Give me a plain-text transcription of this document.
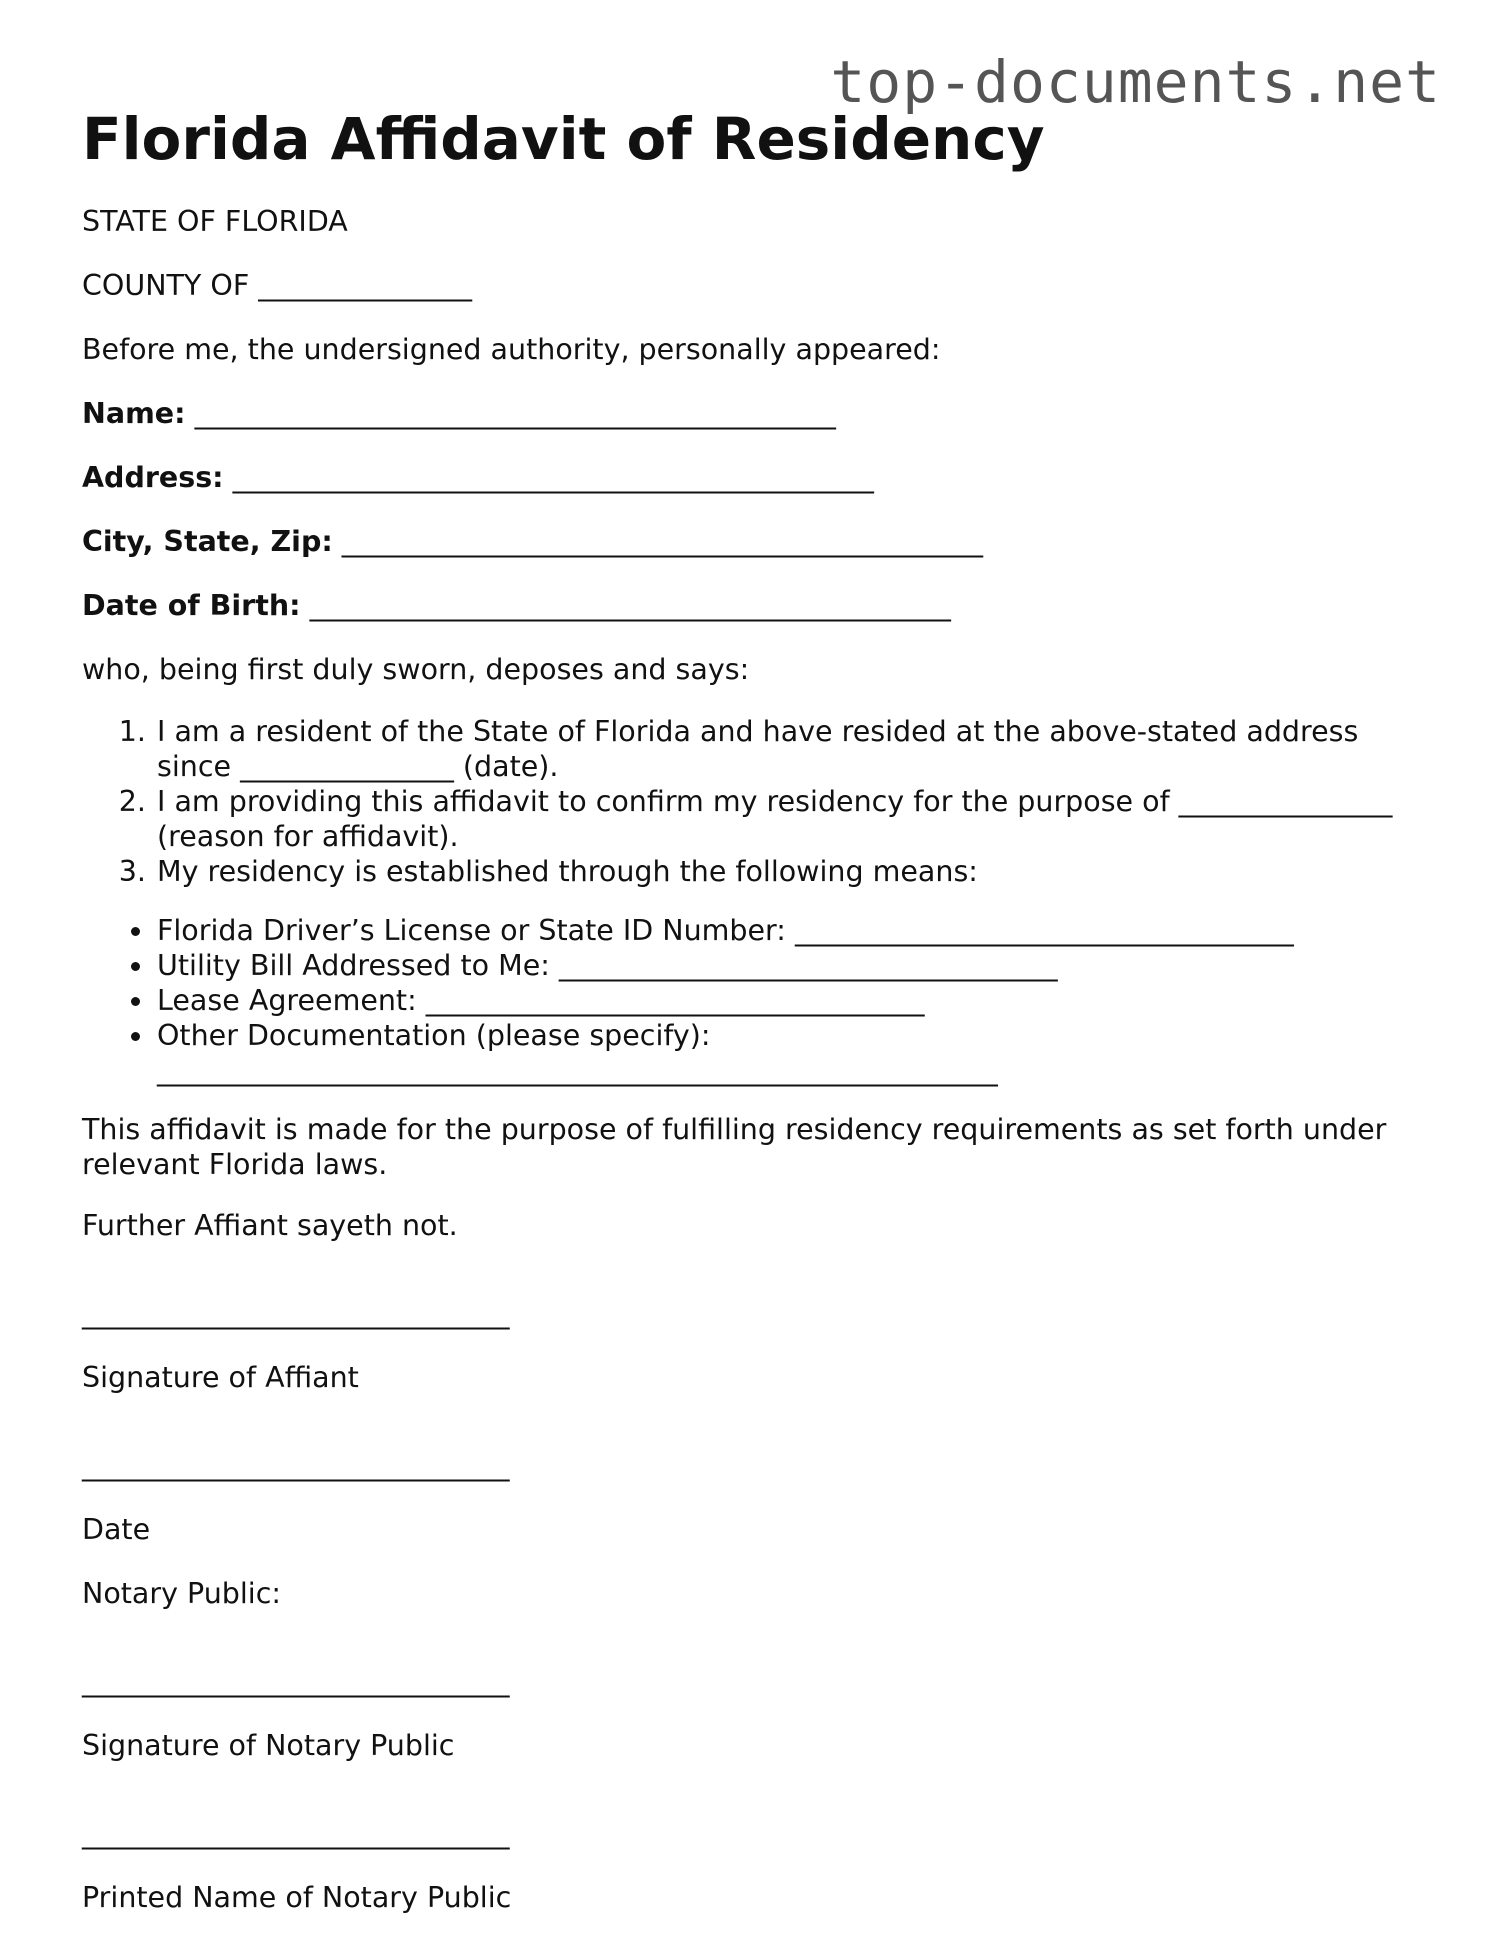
top-documents.net
Florida Affidavit of Residency
STATE OF FLORIDA
COUNTY OF _______________
Before me, the undersigned authority, personally appeared:
Name: _____________________________________________
Address: _____________________________________________
City, State, Zip: _____________________________________________
Date of Birth: _____________________________________________
who, being first duly sworn, deposes and says:
1. I am a resident of the State of Florida and have resided at the above-stated address since _______________ (date).
2. I am providing this affidavit to confirm my residency for the purpose of _______________ (reason for affidavit).
3. My residency is established through the following means:
• Florida Driver’s License or State ID Number: ___________________________________
• Utility Bill Addressed to Me: ___________________________________
• Lease Agreement: ___________________________________
• Other Documentation (please specify): ___________________________________________________________
This affidavit is made for the purpose of fulfilling residency requirements as set forth under relevant Florida laws.
Further Affiant sayeth not.
______________________________
Signature of Affiant
______________________________
Date
Notary Public:
______________________________
Signature of Notary Public
______________________________
Printed Name of Notary Public
